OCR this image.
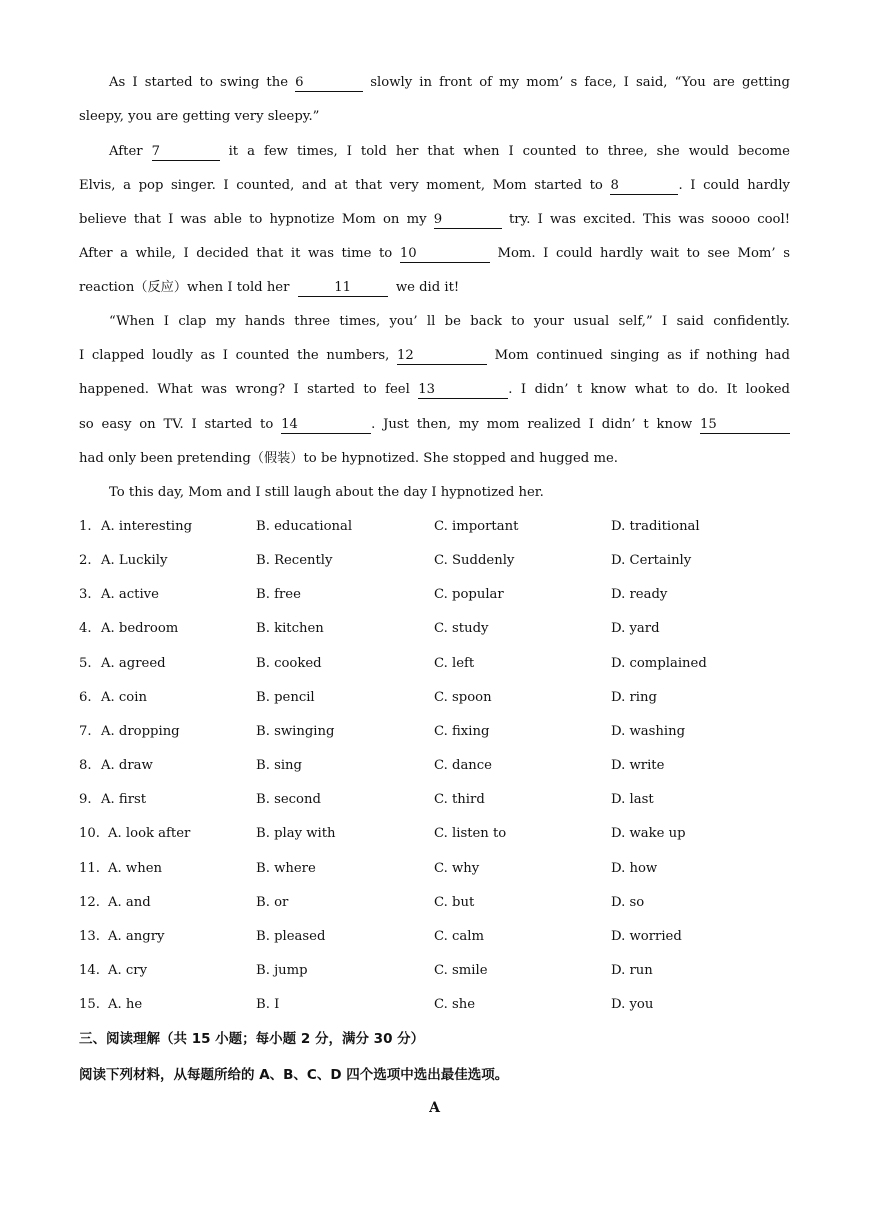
As I started to swing the 6	slowly in front of my mom’ s face, I said, “You are getting
sleepy, you are getting very sleepy.”
After 7	it a few times, I told her that when I counted to three, she would become
Elvis, a pop singer. I counted, and at that very moment, Mom started to 8	. I could hardly
believe that I was able to hypnotize Mom on my 9	try. I was excited. This was soooo cool!
After a while, I decided that it was time to 10	Mom. I could hardly wait to see Mom’ s
reaction（反应）when I told her	11	we did it!
“When I clap my hands three times, you’ ll be back to your usual self,” I said confidently.
I clapped loudly as I counted the numbers, 12	Mom continued singing as if nothing had
happened. What was wrong? I started to feel 13	. I didn’ t know what to do. It looked
so easy on TV. I started to 14	. Just then, my mom realized I didn’ t know 15
had only been pretending（假装）to be hypnotized. She stopped and hugged me.
To this day, Mom and I still laugh about the day I hypnotized her.
1. A. interesting	B. educational	C. important	D. traditional
2. A. Luckily	B. Recently	C. Suddenly	D. Certainly
3. A. active	B. free	C. popular	D. ready
4. A. bedroom	B. kitchen	C. study	D. yard
5. A. agreed	B. cooked	C. left	D. complained
6. A. coin	B. pencil	C. spoon	D. ring
7. A. dropping	B. swinging	C. fixing	D. washing
8. A. draw	B. sing	C. dance	D. write
9. A. first	B. second	C. third	D. last
10. A. look after	B. play with	C. listen to	D. wake up
11. A. when	B. where	C. why	D. how
12. A. and	B. or	C. but	D. so
13. A. angry	B. pleased	C. calm	D. worried
14. A. cry	B. jump	C. smile	D. run
15. A. he	B. I	C. she	D. you
三、阅读理解（共 15 小题；每小题 2 分，满分 30 分）
阅读下列材料，从每题所给的 A、B、C、D 四个选项中选出最佳选项。
A
